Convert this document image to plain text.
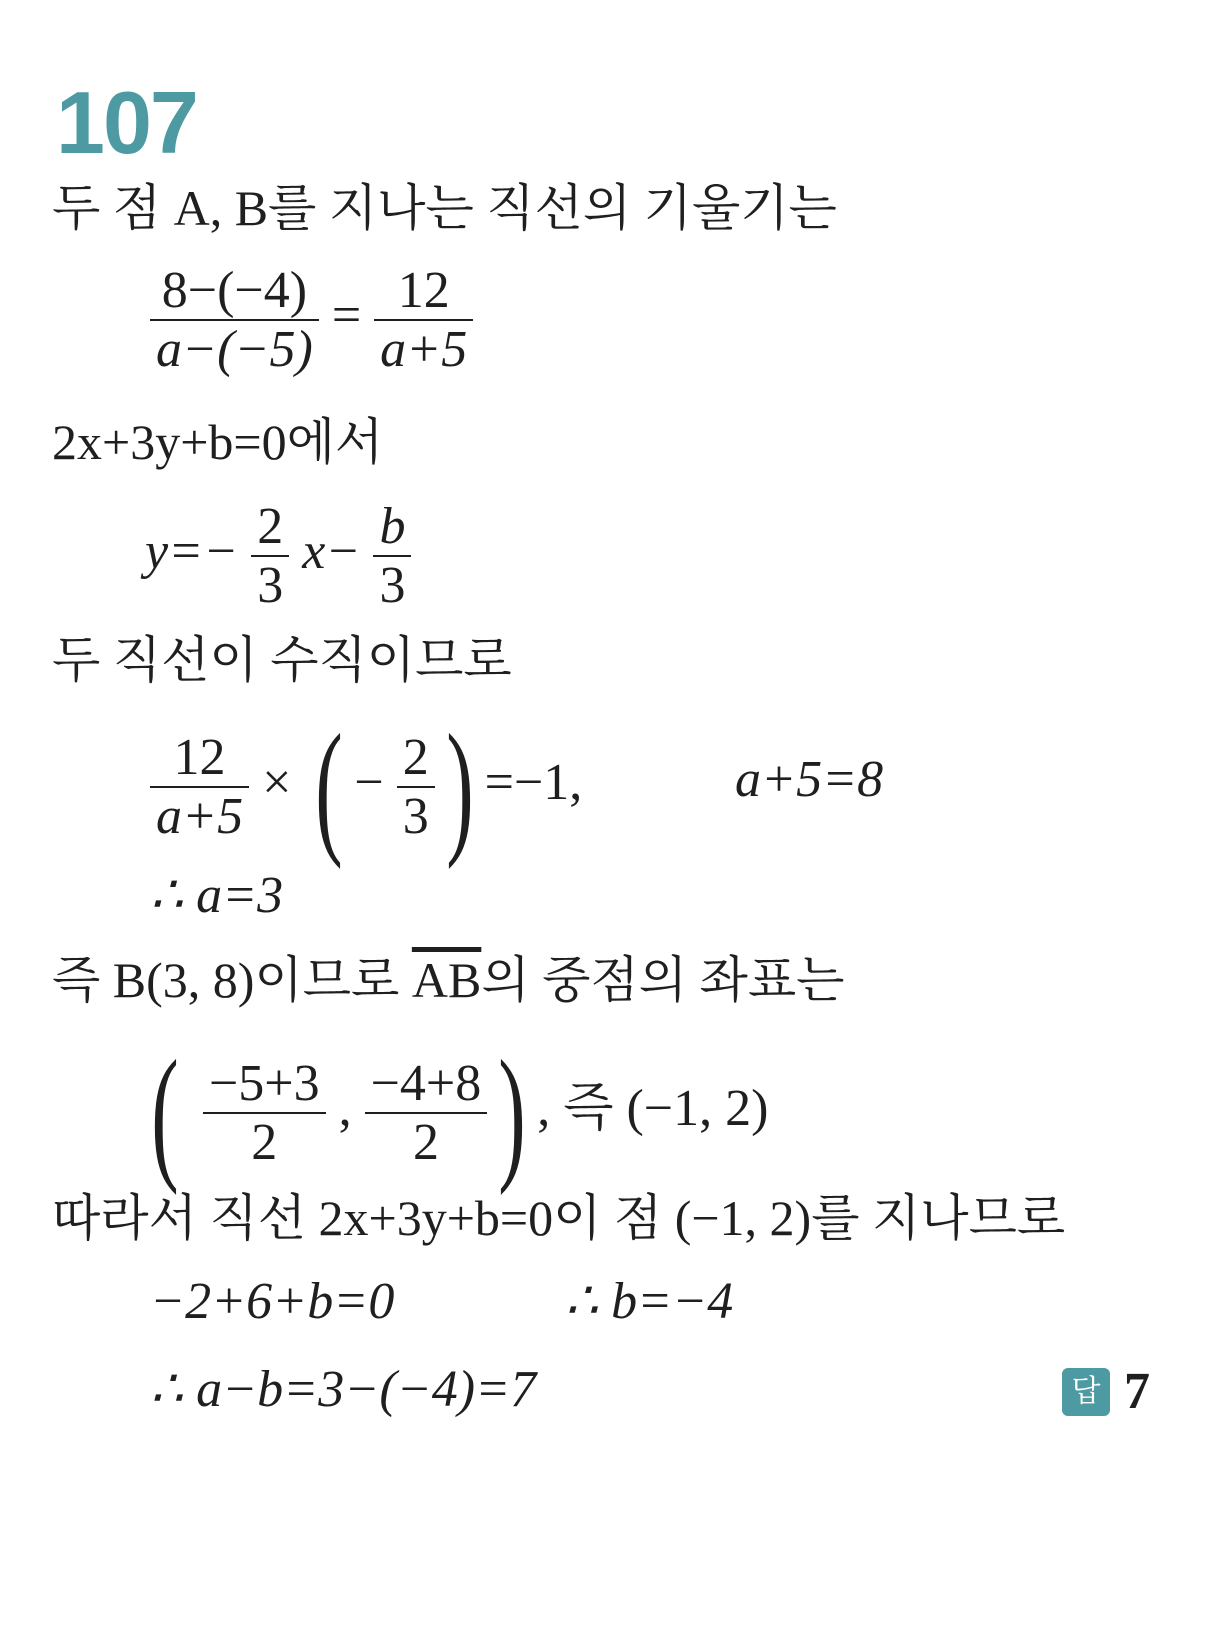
107
두 점 A, B를 지나는 직선의 기울기는
$\frac{8-(-4)}{a-(-5)} = \frac{12}{a+5}$
2x+3y+b=0에서
$y=- \frac{2}{3} x- \frac{b}{3}$
두 직선이 수직이므로
$\frac{12}{a+5}$ × ( − $\frac{2}{3}$ ) =−1,	a+5=8
∴ a=3
즉 B(3, 8)이므로 $\overline{AB}$의 중점의 좌표는
( $\frac{-5+3}{2}$ , $\frac{-4+8}{2}$ ) , 즉 (−1, 2)
따라서 직선 2x+3y+b=0이 점 (−1, 2)를 지나므로
−2+6+b=0	∴ b=−4
∴ a−b=3−(−4)=7	답 7
